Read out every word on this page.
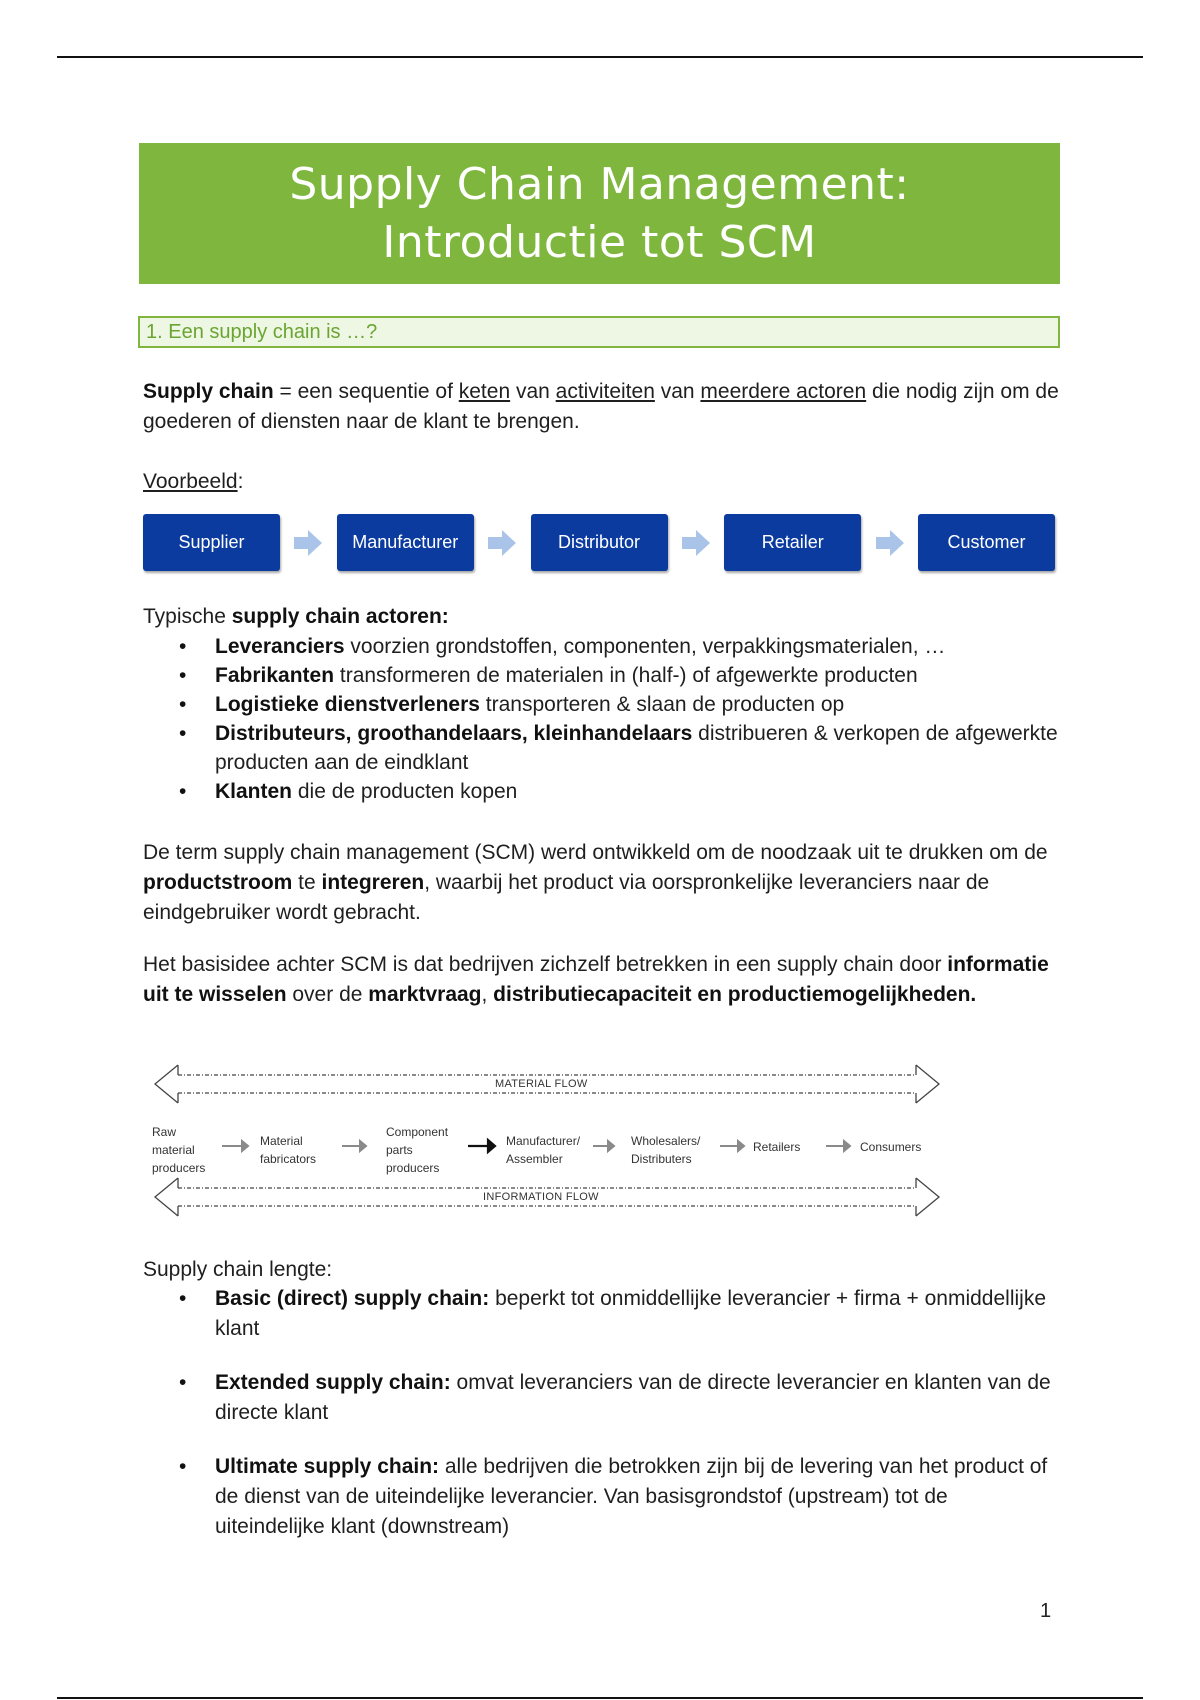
Supply Chain Management:
Introductie tot SCM
1. Een supply chain is …?
Supply chain = een sequentie of keten van activiteiten van meerdere actoren die nodig zijn om de goederen of diensten naar de klant te brengen.
Voorbeeld:
Supplier	Manufacturer	Distributor	Retailer	Customer
Typische supply chain actoren:
• Leveranciers voorzien grondstoffen, componenten, verpakkingsmaterialen, …
• Fabrikanten transformeren de materialen in (half-) of afgewerkte producten
• Logistieke dienstverleners transporteren & slaan de producten op
• Distributeurs, groothandelaars, kleinhandelaars distribueren & verkopen de afgewerkte producten aan de eindklant
• Klanten die de producten kopen
De term supply chain management (SCM) werd ontwikkeld om de noodzaak uit te drukken om de productstroom te integreren, waarbij het product via oorspronkelijke leveranciers naar de eindgebruiker wordt gebracht.
Het basisidee achter SCM is dat bedrijven zichzelf betrekken in een supply chain door informatie uit te wisselen over de marktvraag, distributiecapaciteit en productiemogelijkheden.
MATERIAL FLOW
INFORMATION FLOW
Raw
material
producers
Material
fabricators
Component
parts
producers
Manufacturer/
Assembler
Wholesalers/
Distributers
Retailers	Consumers
Supply chain lengte:
• Basic (direct) supply chain: beperkt tot onmiddellijke leverancier + firma + onmiddellijke klant
• Extended supply chain: omvat leveranciers van de directe leverancier en klanten van de directe klant
• Ultimate supply chain: alle bedrijven die betrokken zijn bij de levering van het product of de dienst van de uiteindelijke leverancier. Van basisgrondstof (upstream) tot de uiteindelijke klant (downstream)
1
